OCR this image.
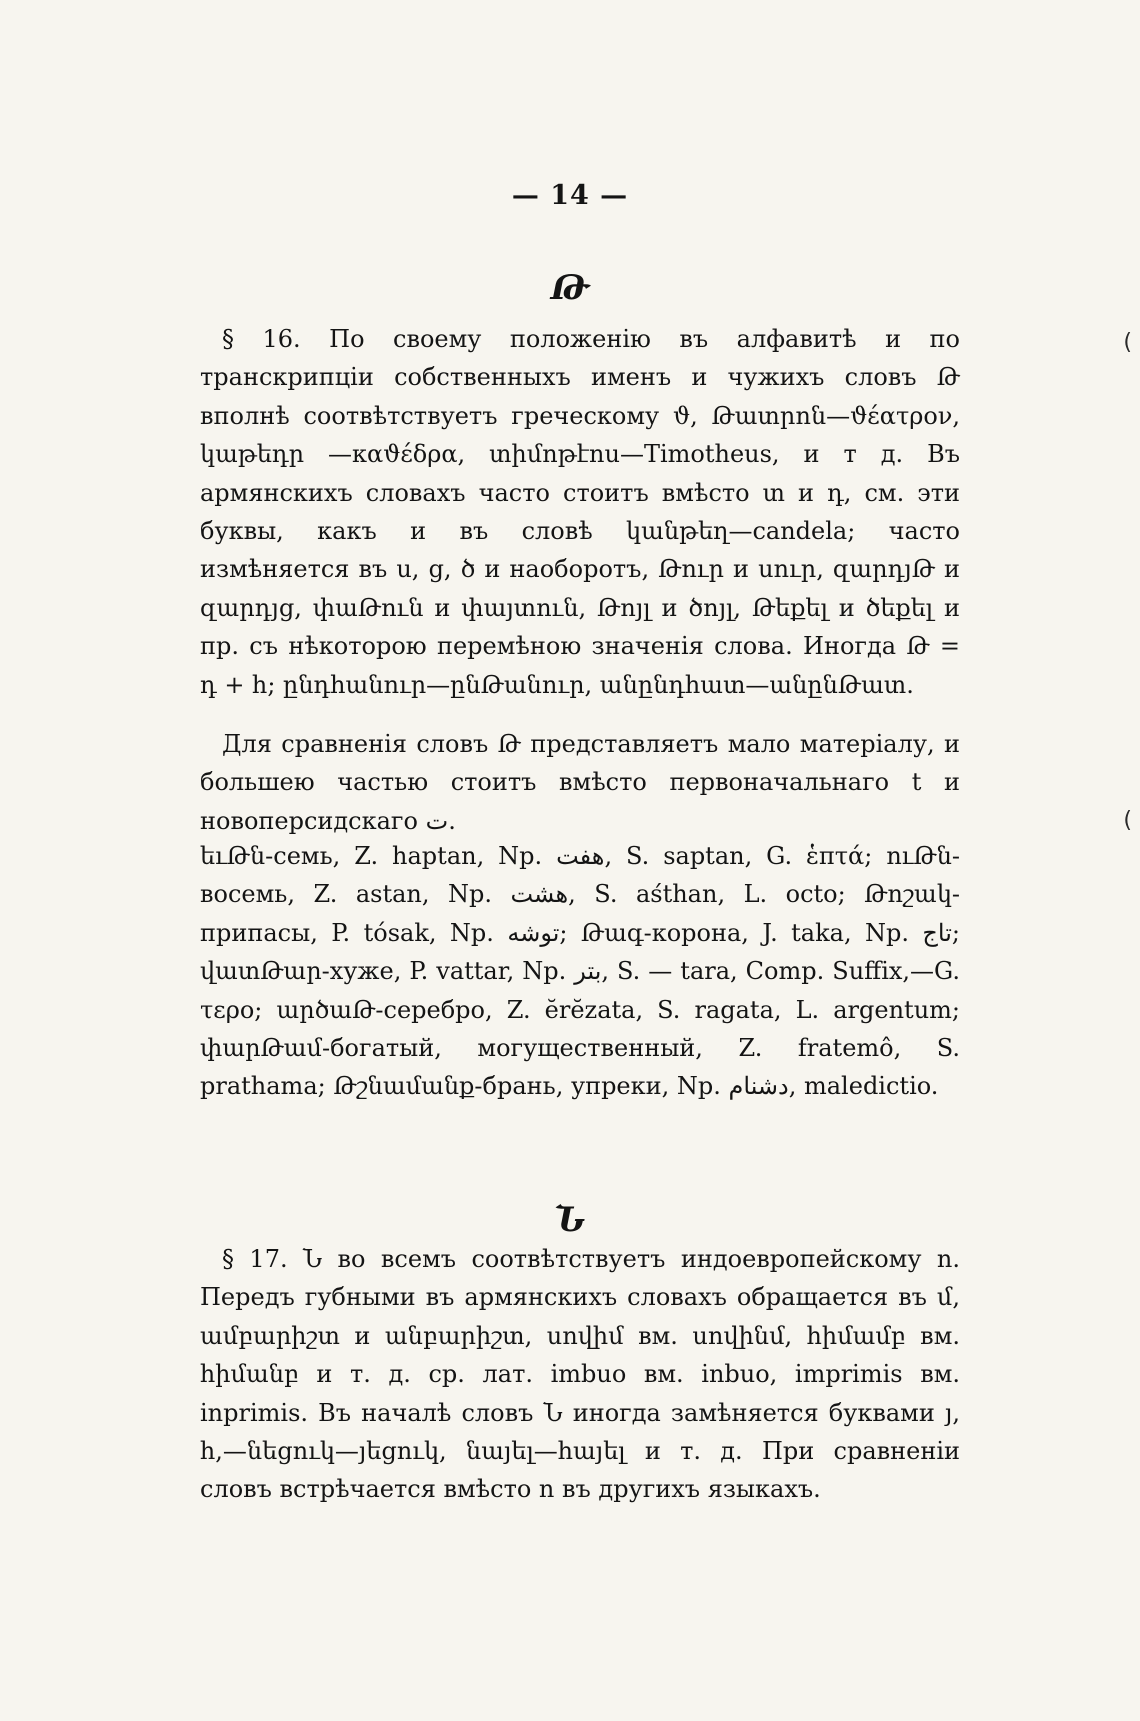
— 14 —
Թ
§ 16. По своему положенію въ алфавитѣ и по транскрипціи собственныхъ именъ и чужихъ словъ Թ вполнѣ соотвѣтствуетъ греческому ϑ, Թատրոն—ϑέατρον, կաթեդր —καϑέδρα, տիմոթէոս—Timotheus, и т д. Въ армянскихъ словахъ часто стоитъ вмѣсто տ и դ, см. эти буквы, какъ и въ словѣ կանթեղ—candela; часто измѣняется въ ս, ց, ծ и наоборотъ, Թուր и սուր, զարդյԹ и զարդյց, փաԹուն и փայտուն, Թոյլ и ծոյլ, Թեքել и ծեքել и пр. съ нѣкоторою перемѣною значенія слова. Иногда Թ = դ + հ; ընդհանուր—ընԹանուր, անընդհատ—անընԹատ.
Для сравненія словъ Թ представляетъ мало матеріалу, и большею частью стоитъ вмѣсто первоначальнаго t и новоперсидскаго ت.
եւԹն-семь, Z. haptan, Np. هفت, S. saptan, G. ἑπτά; ուԹն-восемь, Z. astan, Np. هشت, S. aśthan, L. octo; Թոշակ-припасы, P. tósak, Np. توشه; Թագ-корона, J. taka, Np. تاج; վատԹար-хуже, P. vattar, Np. بتر, S. — tara, Comp. Suffix,—G. τερο; արծաԹ-серебро, Z. ĕrĕzata, S. ragata, L. argentum; փարԹամ-богатый, могущественный, Z. fratemô, S. prathama; Թշնամանք-брань, упреки, Np. دشنام, maledictio.
Ն
§ 17. Ն во всемъ соотвѣтствуетъ индоевропейскому n. Передъ губными въ армянскихъ словахъ обращается въ մ, ամբարիշտ и անբարիշտ, սովիմ вм. սովինմ, հիմամբ вм. հիմանբ и т. д. ср. лат. imbuo вм. inbuo, imprimis вм. inprimis. Въ началѣ словъ Ն иногда замѣняется буквами յ, հ,—նեցուկ—յեցուկ, նայել—հայել и т. д. При сравненіи словъ встрѣчается вмѣсто n въ другихъ языкахъ.
(
(
